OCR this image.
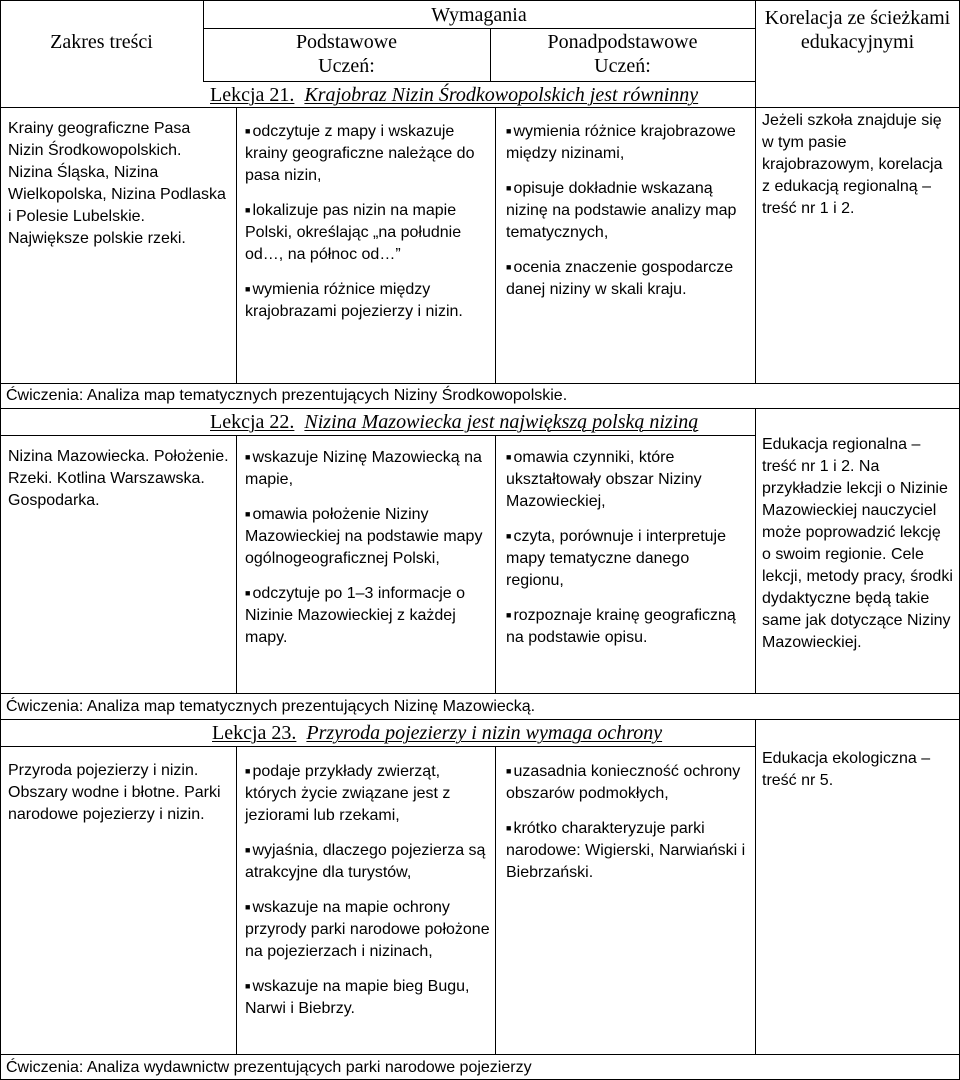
Zakres treści
Wymagania
Podstawowe
Uczeń:
Ponadpodstawowe
Uczeń:
Korelacja ze ścieżkami edukacyjnymi
Lekcja 21. Krajobraz Nizin Środkowopolskich jest równinny
Krainy geograficzne Pasa Nizin Środkowopolskich. Nizina Śląska, Nizina Wielkopolska, Nizina Podlaska i Polesie Lubelskie. Największe polskie rzeki.
■ odczytuje z mapy i wskazuje krainy geograficzne należące do pasa nizin,
■ lokalizuje pas nizin na mapie Polski, określając „na południe od…, na północ od…”
■ wymienia różnice między krajobrazami pojezierzy i nizin.
■ wymienia różnice krajobrazowe między nizinami,
■ opisuje dokładnie wskazaną nizinę na podstawie analizy map tematycznych,
■ ocenia znaczenie gospodarcze danej niziny w skali kraju.
Jeżeli szkoła znajduje się w tym pasie krajobrazowym, korelacja z edukacją regionalną – treść nr 1 i 2.
Ćwiczenia: Analiza map tematycznych prezentujących Niziny Środkowopolskie.
Lekcja 22. Nizina Mazowiecka jest największą polską niziną
Nizina Mazowiecka. Położenie. Rzeki. Kotlina Warszawska. Gospodarka.
■ wskazuje Nizinę Mazowiecką na mapie,
■ omawia położenie Niziny Mazowieckiej na podstawie mapy ogólnogeograficznej Polski,
■ odczytuje po 1–3 informacje o Nizinie Mazowieckiej z każdej mapy.
■ omawia czynniki, które ukształtowały obszar Niziny Mazowieckiej,
■ czyta, porównuje i interpretuje mapy tematyczne danego regionu,
■ rozpoznaje krainę geograficzną na podstawie opisu.
Edukacja regionalna – treść nr 1 i 2. Na przykładzie lekcji o Nizinie Mazowieckiej nauczyciel może poprowadzić lekcję o swoim regionie. Cele lekcji, metody pracy, środki dydaktyczne będą takie same jak dotyczące Niziny Mazowieckiej.
Ćwiczenia: Analiza map tematycznych prezentujących Nizinę Mazowiecką.
Lekcja 23. Przyroda pojezierzy i nizin wymaga ochrony
Przyroda pojezierzy i nizin. Obszary wodne i błotne. Parki narodowe pojezierzy i nizin.
■ podaje przykłady zwierząt, których życie związane jest z jeziorami lub rzekami,
■ wyjaśnia, dlaczego pojezierza są atrakcyjne dla turystów,
■ wskazuje na mapie ochrony przyrody parki narodowe położone na pojezierzach i nizinach,
■ wskazuje na mapie bieg Bugu, Narwi i Biebrzy.
■ uzasadnia konieczność ochrony obszarów podmokłych,
■ krótko charakteryzuje parki narodowe: Wigierski, Narwiański i Biebrzański.
Edukacja ekologiczna – treść nr 5.
Ćwiczenia: Analiza wydawnictw prezentujących parki narodowe pojezierzy
